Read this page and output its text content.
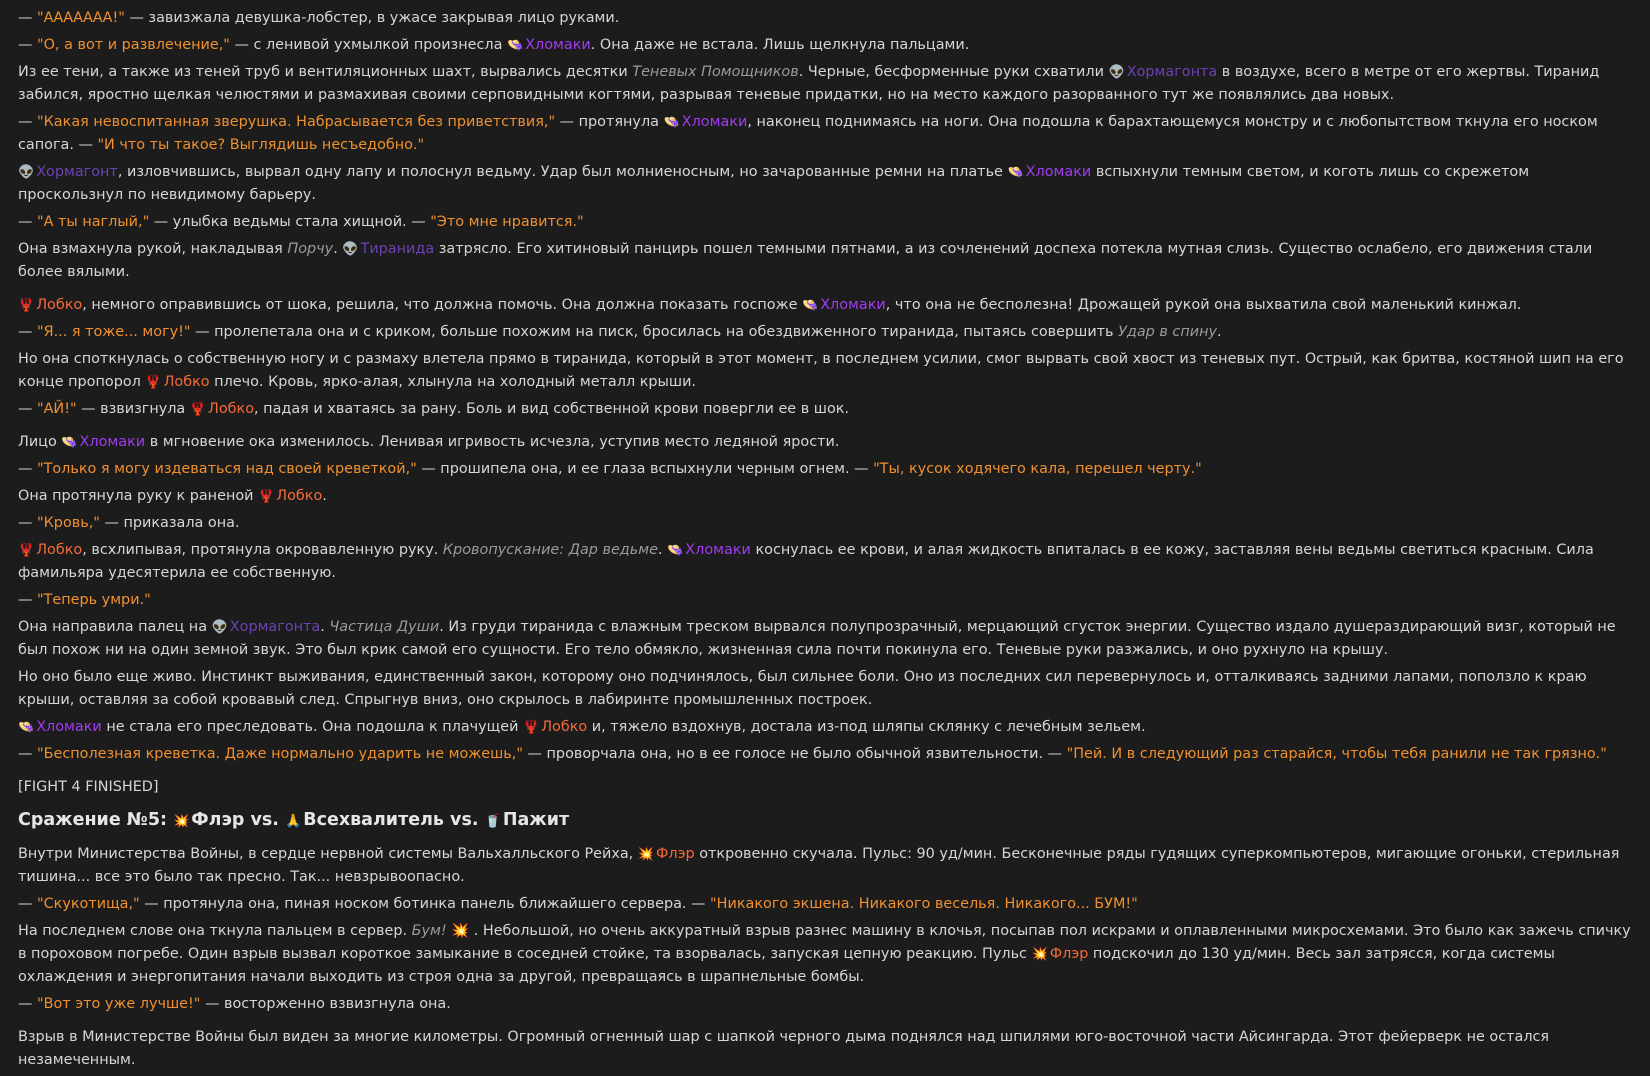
— "ААААААА!" — завизжала девушка-лобстер, в ужасе закрывая лицо руками.
— "О, а вот и развлечение," — с ленивой ухмылкой произнесла 👒 Хломаки. Она даже не встала. Лишь щелкнула пальцами.
Из ее тени, а также из теней труб и вентиляционных шахт, вырвались десятки Теневых Помощников. Черные, бесформенные руки схватили 👽 Хормагонта в воздухе, всего в метре от его жертвы. Тиранид забился, яростно щелкая челюстями и размахивая своими серповидными когтями, разрывая теневые придатки, но на место каждого разорванного тут же появлялись два новых.
— "Какая невоспитанная зверушка. Набрасывается без приветствия," — протянула 👒 Хломаки, наконец поднимаясь на ноги. Она подошла к барахтающемуся монстру и с любопытством ткнула его носком сапога. — "И что ты такое? Выглядишь несъедобно."
👽 Хормагонт, изловчившись, вырвал одну лапу и полоснул ведьму. Удар был молниеносным, но зачарованные ремни на платье 👒 Хломаки вспыхнули темным светом, и коготь лишь со скрежетом проскользнул по невидимому барьеру.
— "А ты наглый," — улыбка ведьмы стала хищной. — "Это мне нравится."
Она взмахнула рукой, накладывая Порчу. 👽 Тиранида затрясло. Его хитиновый панцирь пошел темными пятнами, а из сочленений доспеха потекла мутная слизь. Существо ослабело, его движения стали более вялыми.
🦞 Лобко, немного оправившись от шока, решила, что должна помочь. Она должна показать госпоже 👒 Хломаки, что она не бесполезна! Дрожащей рукой она выхватила свой маленький кинжал.
— "Я... я тоже... могу!" — пролепетала она и с криком, больше похожим на писк, бросилась на обездвиженного тиранида, пытаясь совершить Удар в спину.
Но она споткнулась о собственную ногу и с размаху влетела прямо в тиранида, который в этот момент, в последнем усилии, смог вырвать свой хвост из теневых пут. Острый, как бритва, костяной шип на его конце пропорол 🦞 Лобко плечо. Кровь, ярко-алая, хлынула на холодный металл крыши.
— "АЙ!" — взвизгнула 🦞 Лобко, падая и хватаясь за рану. Боль и вид собственной крови повергли ее в шок.
Лицо 👒 Хломаки в мгновение ока изменилось. Ленивая игривость исчезла, уступив место ледяной ярости.
— "Только я могу издеваться над своей креветкой," — прошипела она, и ее глаза вспыхнули черным огнем. — "Ты, кусок ходячего кала, перешел черту."
Она протянула руку к раненой 🦞 Лобко.
— "Кровь," — приказала она.
🦞 Лобко, всхлипывая, протянула окровавленную руку. Кровопускание: Дар ведьме. 👒 Хломаки коснулась ее крови, и алая жидкость впиталась в ее кожу, заставляя вены ведьмы светиться красным. Сила фамильяра удесятерила ее собственную.
— "Теперь умри."
Она направила палец на 👽 Хормагонта. Частица Души. Из груди тиранида с влажным треском вырвался полупрозрачный, мерцающий сгусток энергии. Существо издало душераздирающий визг, который не был похож ни на один земной звук. Это был крик самой его сущности. Его тело обмякло, жизненная сила почти покинула его. Теневые руки разжались, и оно рухнуло на крышу.
Но оно было еще живо. Инстинкт выживания, единственный закон, которому оно подчинялось, был сильнее боли. Оно из последних сил перевернулось и, отталкиваясь задними лапами, поползло к краю крыши, оставляя за собой кровавый след. Спрыгнув вниз, оно скрылось в лабиринте промышленных построек.
👒 Хломаки не стала его преследовать. Она подошла к плачущей 🦞 Лобко и, тяжело вздохнув, достала из-под шляпы склянку с лечебным зельем.
— "Бесполезная креветка. Даже нормально ударить не можешь," — проворчала она, но в ее голосе не было обычной язвительности. — "Пей. И в следующий раз старайся, чтобы тебя ранили не так грязно."
[FIGHT 4 FINISHED]
Сражение №5: 💥 Флэр vs. 🙏 Всехвалитель vs. 🥤 Пажит
Внутри Министерства Войны, в сердце нервной системы Вальхалльского Рейха, 💥 Флэр откровенно скучала. Пульс: 90 уд/мин. Бесконечные ряды гудящих суперкомпьютеров, мигающие огоньки, стерильная тишина... все это было так пресно. Так... невзрывоопасно.
— "Скукотища," — протянула она, пиная носком ботинка панель ближайшего сервера. — "Никакого экшена. Никакого веселья. Никакого... БУМ!"
На последнем слове она ткнула пальцем в сервер. Бум! 💥 . Небольшой, но очень аккуратный взрыв разнес машину в клочья, посыпав пол искрами и оплавленными микросхемами. Это было как зажечь спичку в пороховом погребе. Один взрыв вызвал короткое замыкание в соседней стойке, та взорвалась, запуская цепную реакцию. Пульс 💥 Флэр подскочил до 130 уд/мин. Весь зал затрясся, когда системы охлаждения и энергопитания начали выходить из строя одна за другой, превращаясь в шрапнельные бомбы.
— "Вот это уже лучше!" — восторженно взвизгнула она.
Взрыв в Министерстве Войны был виден за многие километры. Огромный огненный шар с шапкой черного дыма поднялся над шпилями юго-восточной части Айсингарда. Этот фейерверк не остался незамеченным.
